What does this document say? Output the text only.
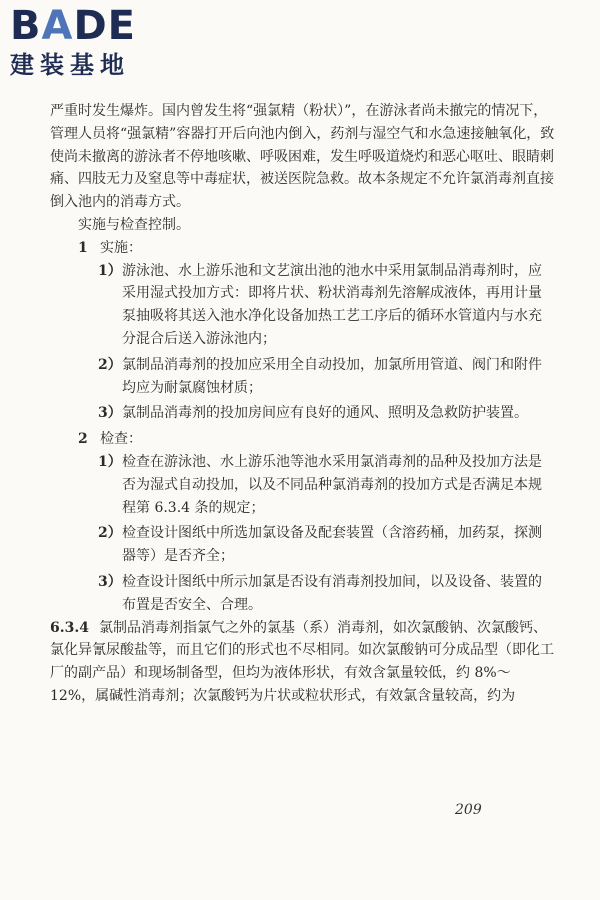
BADE
建装基地

严重时发生爆炸。国内曾发生将“强氯精（粉状）”，在游泳者尚未撤完的情况下，管理人员将“强氯精”容器打开后向池内倒入，药剂与湿空气和水急速接触氧化，致使尚未撤离的游泳者不停地咳嗽、呼吸困难，发生呼吸道烧灼和恶心呕吐、眼睛刺痛、四肢无力及窒息等中毒症状，被送医院急救。故本条规定不允许氯消毒剂直接倒入池内的消毒方式。

实施与检查控制。

1 实施：

1）游泳池、水上游乐池和文艺演出池的池水中采用氯制品消毒剂时，应采用湿式投加方式：即将片状、粉状消毒剂先溶解成液体，再用计量泵抽吸将其送入池水净化设备加热工艺工序后的循环水管道内与水充分混合后送入游泳池内；

2）氯制品消毒剂的投加应采用全自动投加，加氯所用管道、阀门和附件均应为耐氯腐蚀材质；

3）氯制品消毒剂的投加房间应有良好的通风、照明及急救防护装置。

2 检查：

1）检查在游泳池、水上游乐池等池水采用氯消毒剂的品种及投加方法是否为湿式自动投加，以及不同品种氯消毒剂的投加方式是否满足本规程第 6.3.4 条的规定；

2）检查设计图纸中所选加氯设备及配套装置（含溶药桶，加药泵，探测器等）是否齐全；

3）检查设计图纸中所示加氯是否设有消毒剂投加间，以及设备、装置的布置是否安全、合理。

6.3.4 氯制品消毒剂指氯气之外的氯基（系）消毒剂，如次氯酸钠、次氯酸钙、氯化异氰尿酸盐等，而且它们的形式也不尽相同。如次氯酸钠可分成品型（即化工厂的副产品）和现场制备型，但均为液体形状，有效含氯量较低，约 8%～12%，属碱性消毒剂；次氯酸钙为片状或粒状形式，有效氯含量较高，约为

209
